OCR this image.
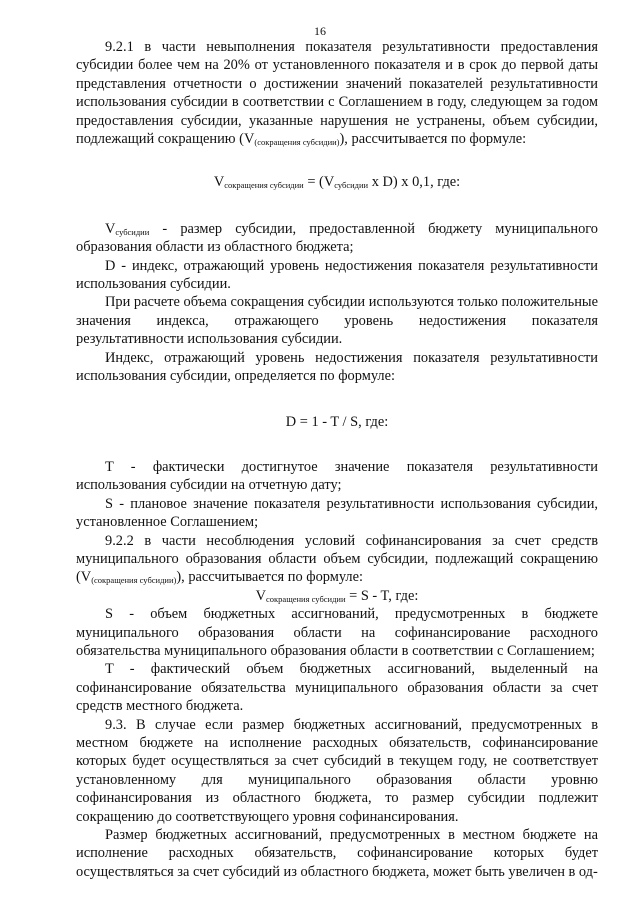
16

9.2.1 в части невыполнения показателя результативности предоставления субсидии более чем на 20% от установленного показателя и в срок до первой даты представления отчетности о достижении значений показателей результативности использования субсидии в соответствии с Соглашением в году, следующем за годом предоставления субсидии, указанные нарушения не устранены, объем субсидии, подлежащий сокращению $(V_{(сокращения субсидии)})$, рассчитывается по формуле:

$V_{сокращения субсидии} = (V_{субсидии}$ x D) x 0,1, где:

$V_{субсидии}$ - размер субсидии, предоставленной бюджету муниципального образования области из областного бюджета;

D - индекс, отражающий уровень недостижения показателя результативности использования субсидии.

При расчете объема сокращения субсидии используются только положительные значения индекса, отражающего уровень недостижения показателя результативности использования субсидии.

Индекс, отражающий уровень недостижения показателя результативности использования субсидии, определяется по формуле:

D = 1 - T / S, где:

T - фактически достигнутое значение показателя результативности использования субсидии на отчетную дату;

S - плановое значение показателя результативности использования субсидии, установленное Соглашением;

9.2.2 в части несоблюдения условий софинансирования за счет средств муниципального образования области объем субсидии, подлежащий сокращению $(V_{(сокращения субсидии)})$, рассчитывается по формуле:

$V_{сокращения субсидии} = S - T$, где:

S - объем бюджетных ассигнований, предусмотренных в бюджете муниципального образования области на софинансирование расходного обязательства муниципального образования области в соответствии с Соглашением;

T - фактический объем бюджетных ассигнований, выделенный на софинансирование обязательства муниципального образования области за счет средств местного бюджета.

9.3. В случае если размер бюджетных ассигнований, предусмотренных в местном бюджете на исполнение расходных обязательств, софинансирование которых будет осуществляться за счет субсидий в текущем году, не соответствует установленному для муниципального образования области уровню софинансирования из областного бюджета, то размер субсидии подлежит сокращению до соответствующего уровня софинансирования.

Размер бюджетных ассигнований, предусмотренных в местном бюджете на исполнение расходных обязательств, софинансирование которых будет осуществляться за счет субсидий из областного бюджета, может быть увеличен в од-
